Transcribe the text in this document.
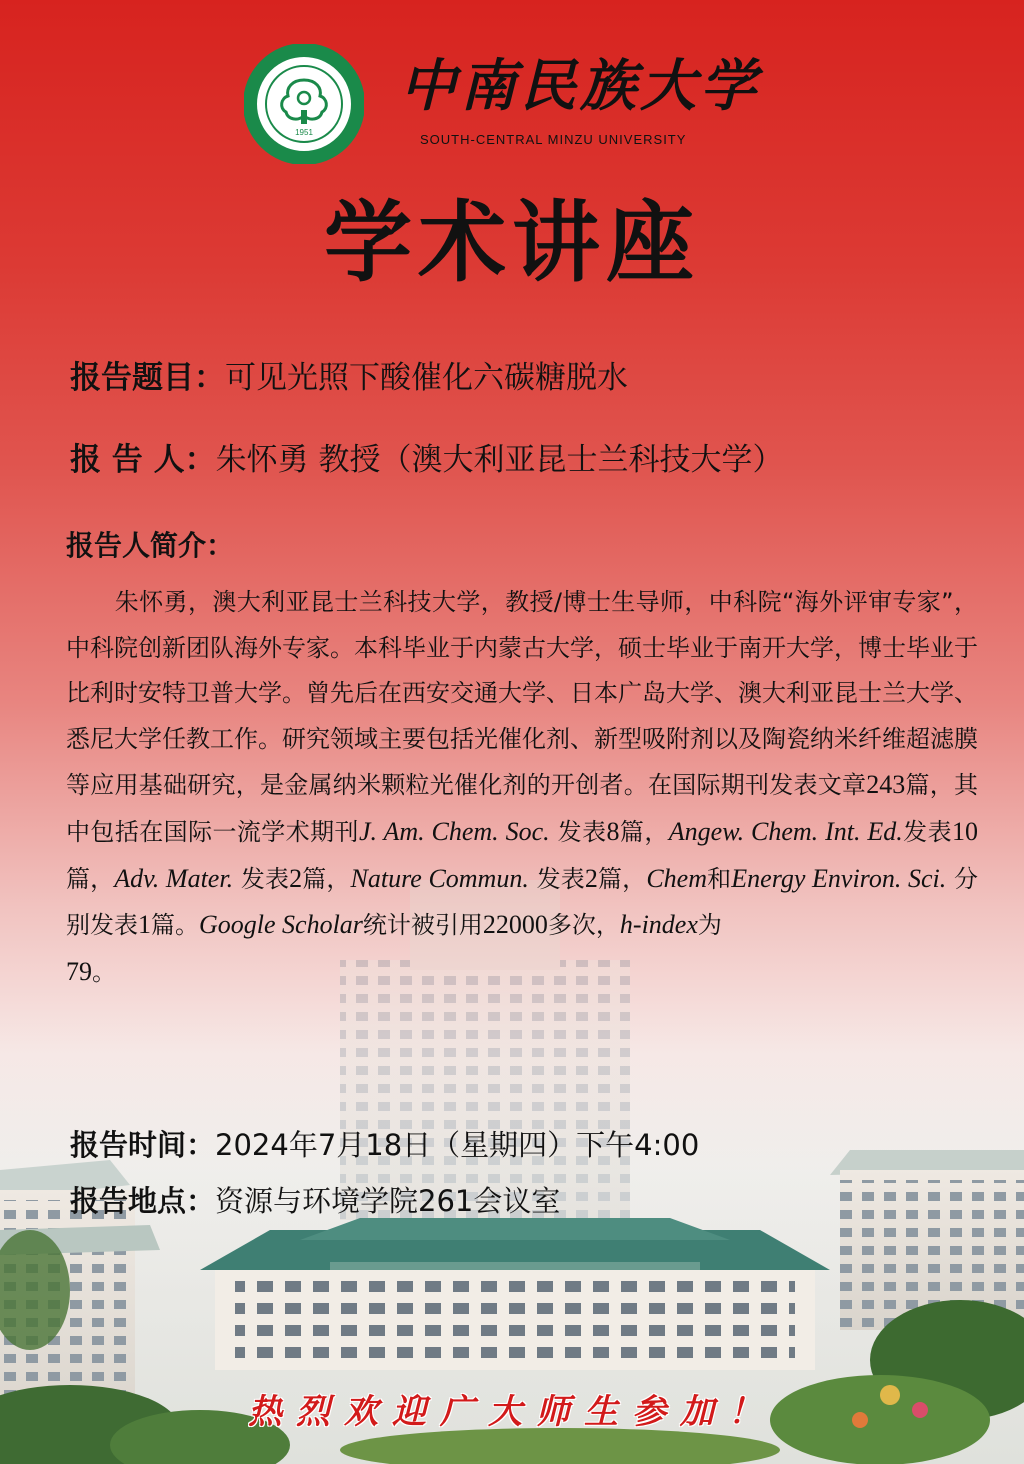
1951
中南民族大学
SOUTH-CENTRAL MINZU UNIVERSITY
学术讲座
报告题目：可见光照下酸催化六碳糖脱水
报 告 人：朱怀勇 教授（澳大利亚昆士兰科技大学）
报告人简介：
　　朱怀勇，澳大利亚昆士兰科技大学，教授/博士生导师，中科院“海外评审专家”，中科院创新团队海外专家。本科毕业于内蒙古大学，硕士毕业于南开大学，博士毕业于比利时安特卫普大学。曾先后在西安交通大学、日本广岛大学、澳大利亚昆士兰大学、悉尼大学任教工作。研究领域主要包括光催化剂、新型吸附剂以及陶瓷纳米纤维超滤膜等应用基础研究，是金属纳米颗粒光催化剂的开创者。在国际期刊发表文章243篇，其中包括在国际一流学术期刊J. Am. Chem. Soc. 发表8篇，Angew. Chem. Int. Ed.发表10篇，Adv. Mater. 发表2篇，Nature Commun. 发表2篇，Chem和Energy Environ. Sci. 分别发表1篇。Google Scholar统计被引用22000多次，h-index为
79。
报告时间：2024年7月18日（星期四）下午4:00
报告地点：资源与环境学院261会议室
热烈欢迎广大师生参加！
